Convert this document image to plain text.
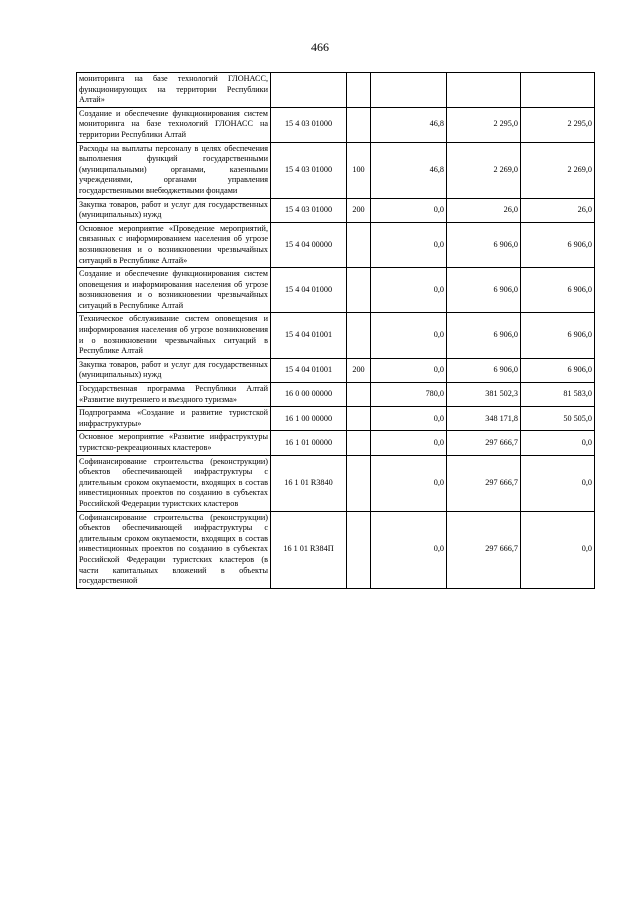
466
мониторинга на базе технологий ГЛОНАСС, функционирующих на территории Республики Алтай»					
Создание и обеспечение функционирования систем мониторинга на базе технологий ГЛОНАСС на территории Республики Алтай	15 4 03 01000		46,8	2 295,0	2 295,0
Расходы на выплаты персоналу в целях обеспечения выполнения функций государственными (муниципальными) органами, казенными учреждениями, органами управления государственными внебюджетными фондами	15 4 03 01000	100	46,8	2 269,0	2 269,0
Закупка товаров, работ и услуг для государственных (муниципальных) нужд	15 4 03 01000	200	0,0	26,0	26,0
Основное мероприятие «Проведение мероприятий, связанных с информированием населения об угрозе возникновения и о возникновении чрезвычайных ситуаций в Республике Алтай»	15 4 04 00000		0,0	6 906,0	6 906,0
Создание и обеспечение функционирования систем оповещения и информирования населения об угрозе возникновения и о возникновении чрезвычайных ситуаций в Республике Алтай	15 4 04 01000		0,0	6 906,0	6 906,0
Техническое обслуживание систем оповещения и информирования населения об угрозе возникновения и о возникновении чрезвычайных ситуаций в Республике Алтай	15 4 04 01001		0,0	6 906,0	6 906,0
Закупка товаров, работ и услуг для государственных (муниципальных) нужд	15 4 04 01001	200	0,0	6 906,0	6 906,0
Государственная программа Республики Алтай «Развитие внутреннего и въездного туризма»	16 0 00 00000		780,0	381 502,3	81 583,0
Подпрограмма «Создание и развитие туристской инфраструктуры»	16 1 00 00000		0,0	348 171,8	50 505,0
Основное мероприятие «Развитие инфраструктуры туристско-рекреационных кластеров»	16 1 01 00000		0,0	297 666,7	0,0
Софинансирование строительства (реконструкции) объектов обеспечивающей инфраструктуры с длительным сроком окупаемости, входящих в состав инвестиционных проектов по созданию в субъектах Российской Федерации туристских кластеров	16 1 01 R3840		0,0	297 666,7	0,0
Софинансирование строительства (реконструкции) объектов обеспечивающей инфраструктуры с длительным сроком окупаемости, входящих в состав инвестиционных проектов по созданию в субъектах Российской Федерации туристских кластеров (в части капитальных вложений в объекты государственной	16 1 01 R384П		0,0	297 666,7	0,0
